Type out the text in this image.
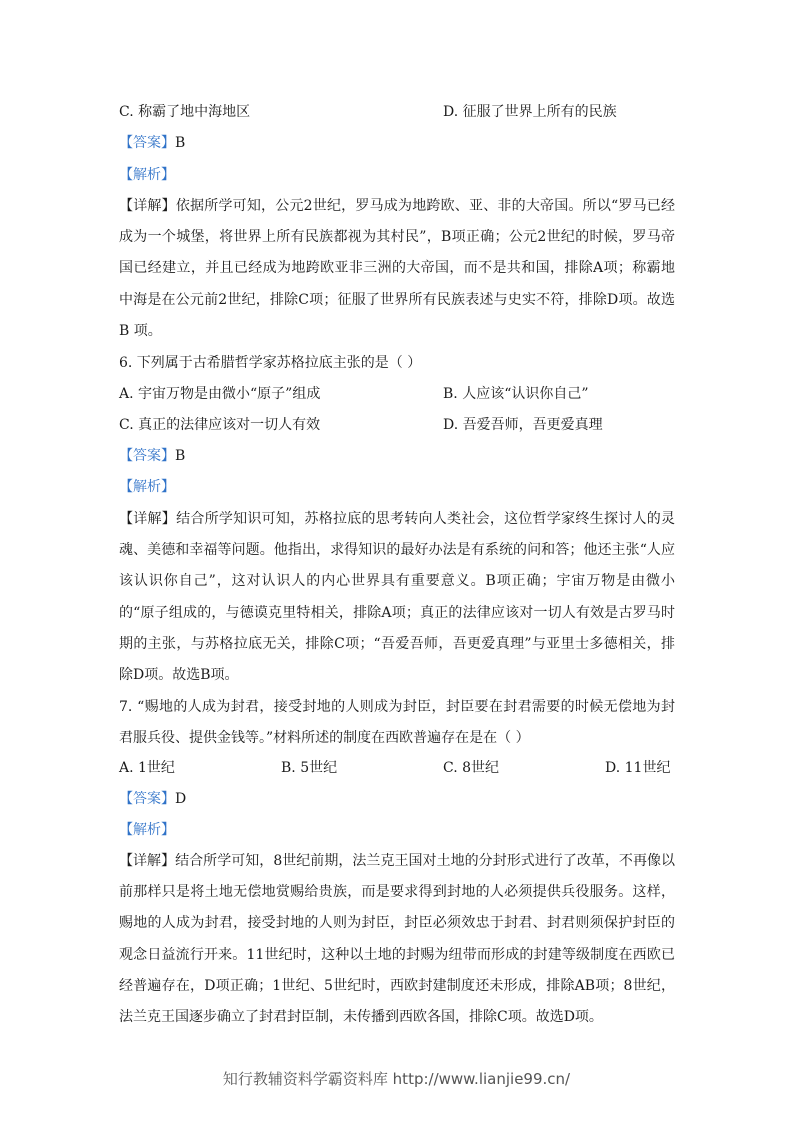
C. 称霸了地中海地区	D. 征服了世界上所有的民族
【答案】B
【解析】
【详解】依据所学可知，公元2世纪，罗马成为地跨欧、亚、非的大帝国。所以“罗马已经成为一个城堡，将世界上所有民族都视为其村民”，B项正确；公元2世纪的时候，罗马帝国已经建立，并且已经成为地跨欧亚非三洲的大帝国，而不是共和国，排除A项；称霸地中海是在公元前2世纪，排除C项；征服了世界所有民族表述与史实不符，排除D项。故选 B 项。
6. 下列属于古希腊哲学家苏格拉底主张的是（ ）
A. 宇宙万物是由微小“原子”组成	B. 人应该“认识你自己”
C. 真正的法律应该对一切人有效	D. 吾爱吾师，吾更爱真理
【答案】B
【解析】
【详解】结合所学知识可知，苏格拉底的思考转向人类社会，这位哲学家终生探讨人的灵魂、美德和幸福等问题。他指出，求得知识的最好办法是有系统的问和答；他还主张“人应该认识你自己”，这对认识人的内心世界具有重要意义。B项正确；宇宙万物是由微小的“原子组成的，与德谟克里特相关，排除A项；真正的法律应该对一切人有效是古罗马时期的主张，与苏格拉底无关，排除C项；“吾爱吾师，吾更爱真理”与亚里士多德相关，排除D项。故选B项。
7. “赐地的人成为封君，接受封地的人则成为封臣，封臣要在封君需要的时候无偿地为封君服兵役、提供金钱等。”材料所述的制度在西欧普遍存在是在（ ）
A. 1世纪	B. 5世纪	C. 8世纪	D. 11世纪
【答案】D
【解析】
【详解】结合所学可知，8世纪前期，法兰克王国对土地的分封形式进行了改革，不再像以前那样只是将土地无偿地赏赐给贵族，而是要求得到封地的人必须提供兵役服务。这样，赐地的人成为封君，接受封地的人则为封臣，封臣必须效忠于封君、封君则须保护封臣的观念日益流行开来。11世纪时，这种以土地的封赐为纽带而形成的封建等级制度在西欧已经普遍存在，D项正确；1世纪、5世纪时，西欧封建制度还未形成，排除AB项；8世纪，法兰克王国逐步确立了封君封臣制，未传播到西欧各国，排除C项。故选D项。
知行教辅资料学霸资料库 http://www.lianjie99.cn/
